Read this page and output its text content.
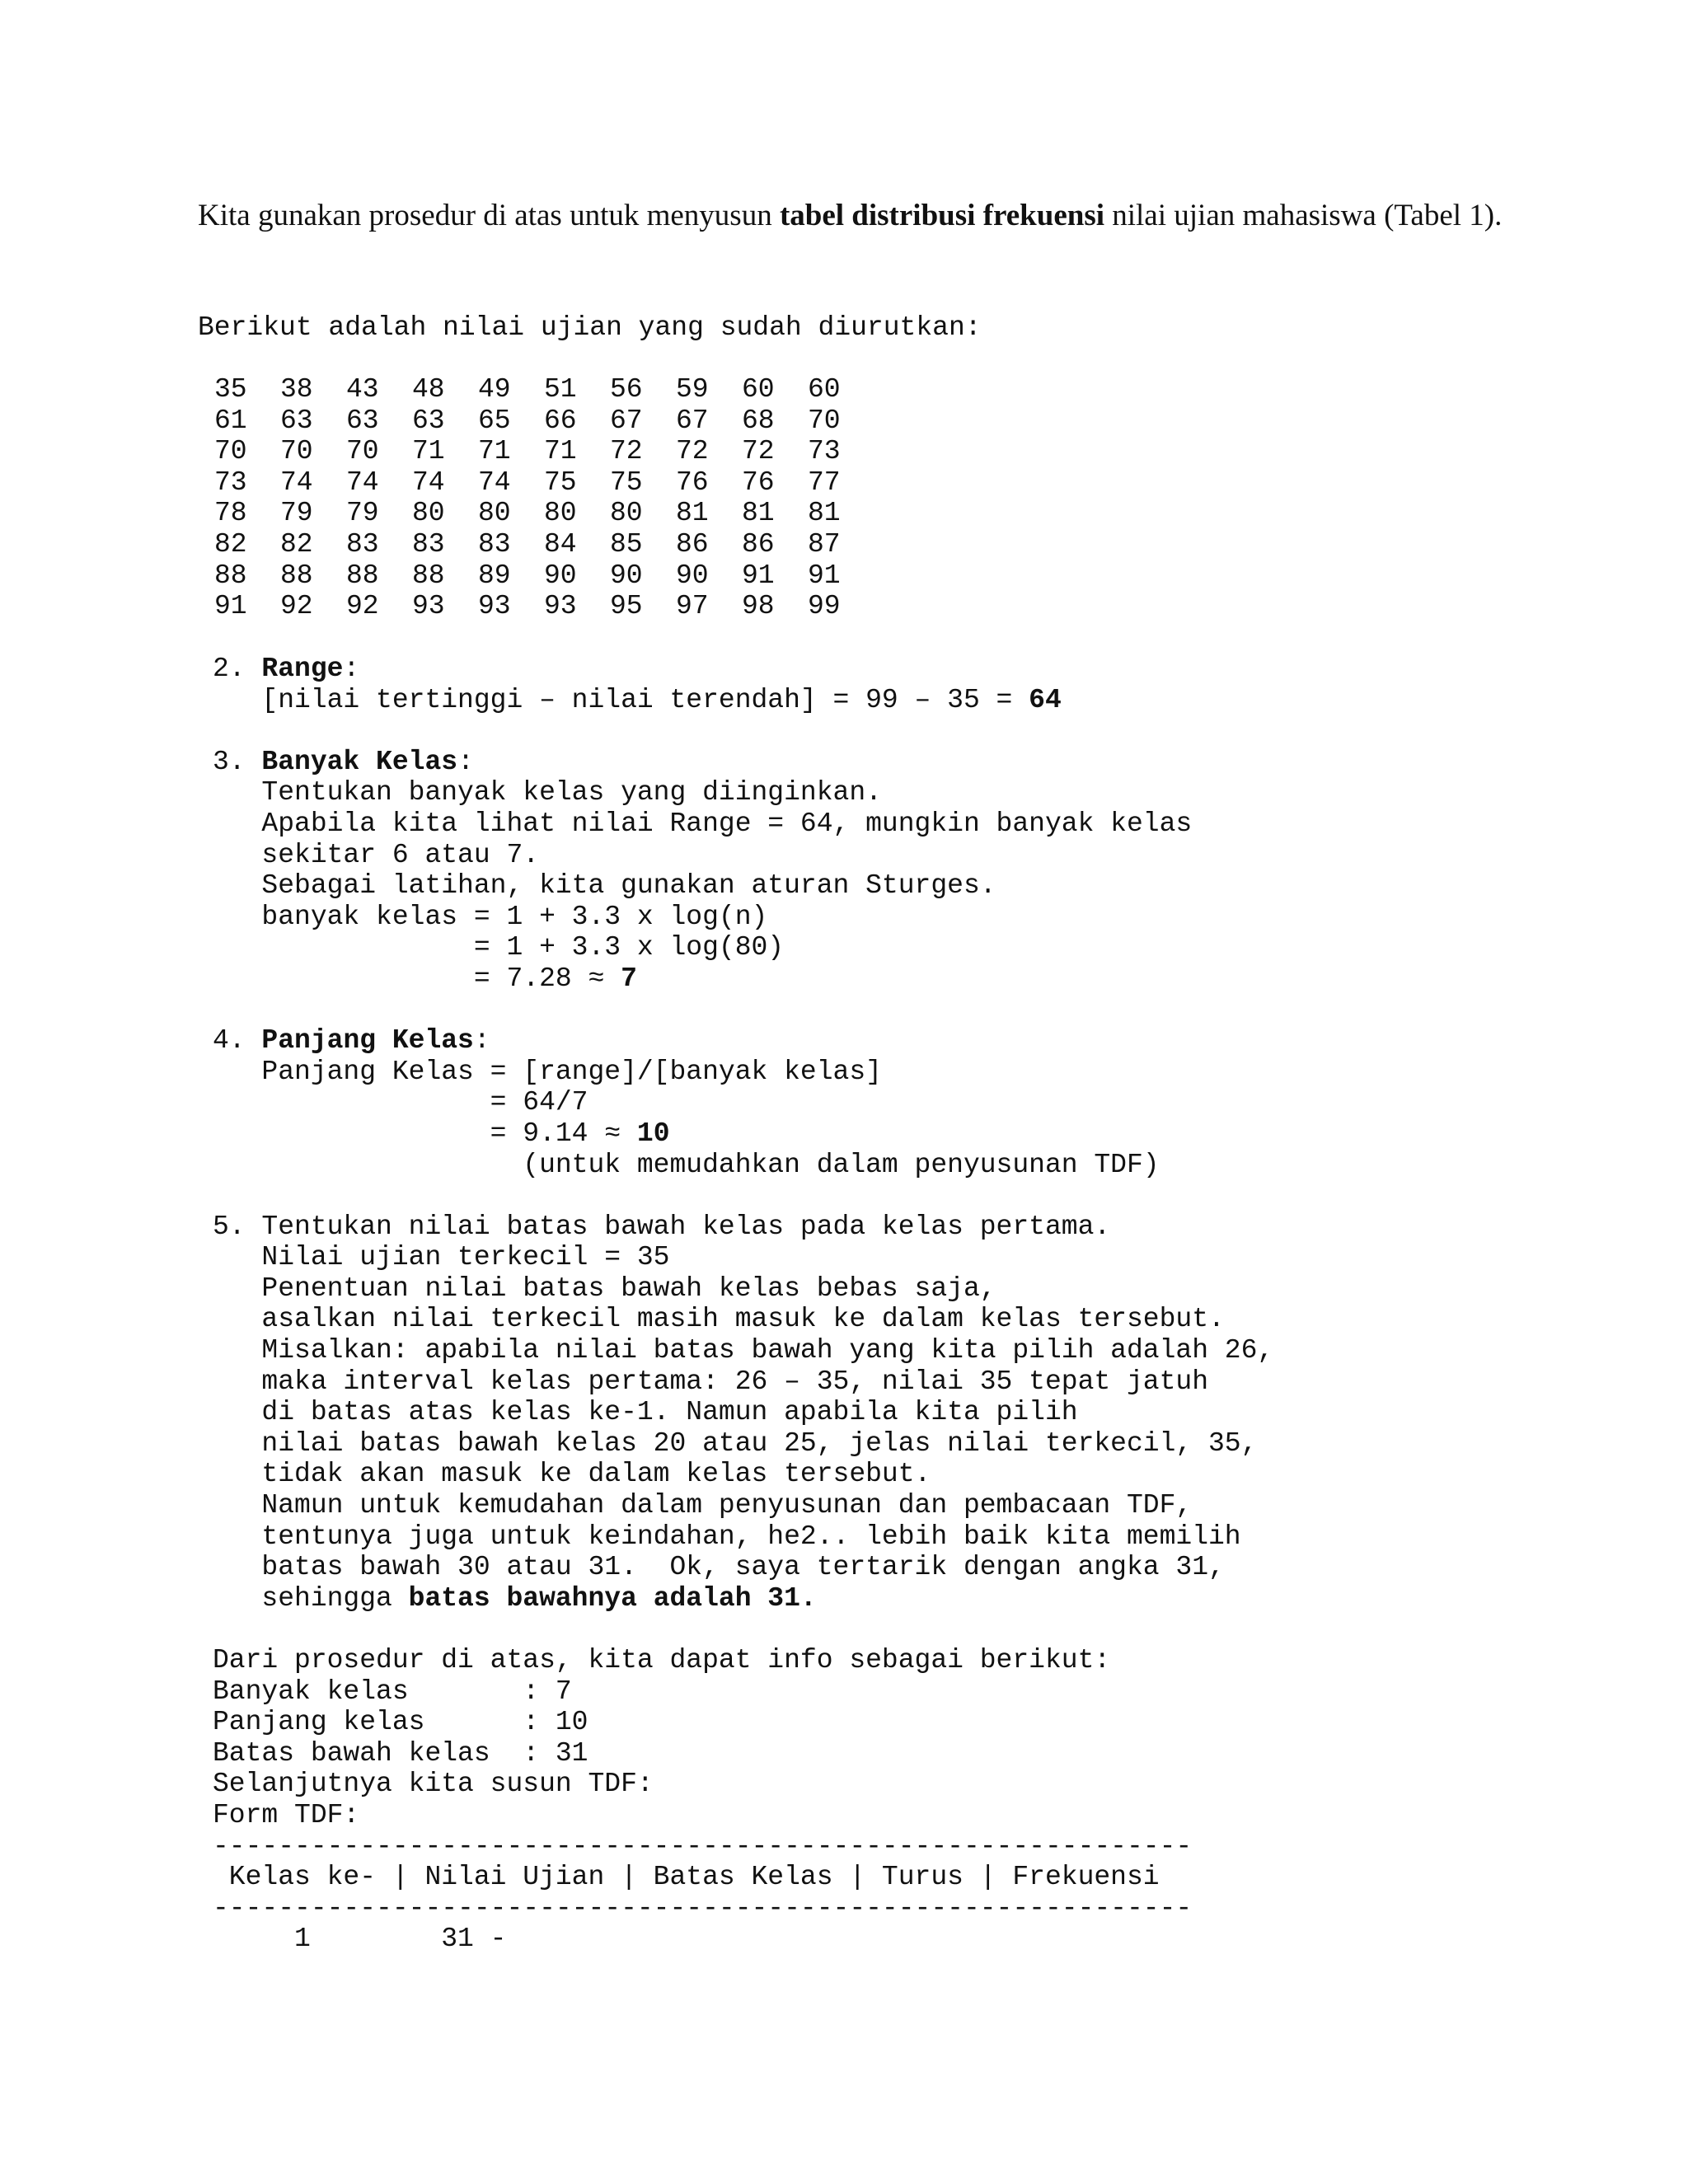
Kita gunakan prosedur di atas untuk menyusun tabel distribusi frekuensi nilai ujian mahasiswa (Tabel 1).

Berikut adalah nilai ujian yang sudah diurutkan:
35 38 43 48 49 51 56 59 60 60
61 63 63 63 65 66 67 67 68 70
70 70 70 71 71 71 72 72 72 73
73 74 74 74 74 75 75 76 76 77
78 79 79 80 80 80 80 81 81 81
82 82 83 83 83 84 85 86 86 87
88 88 88 88 89 90 90 90 91 91
91 92 92 93 93 93 95 97 98 99
2. Range:
[nilai tertinggi – nilai terendah] = 99 – 35 = 64
3. Banyak Kelas:
Tentukan banyak kelas yang diinginkan.
Apabila kita lihat nilai Range = 64, mungkin banyak kelas
sekitar 6 atau 7.
Sebagai latihan, kita gunakan aturan Sturges.
banyak kelas = 1 + 3.3 x log(n)
= 1 + 3.3 x log(80)
= 7.28 ≈ 7
4. Panjang Kelas:
Panjang Kelas = [range]/[banyak kelas]
= 64/7
= 9.14 ≈ 10
(untuk memudahkan dalam penyusunan TDF)
5. Tentukan nilai batas bawah kelas pada kelas pertama.
Nilai ujian terkecil = 35
Penentuan nilai batas bawah kelas bebas saja,
asalkan nilai terkecil masih masuk ke dalam kelas tersebut.
Misalkan: apabila nilai batas bawah yang kita pilih adalah 26,
maka interval kelas pertama: 26 – 35, nilai 35 tepat jatuh
di batas atas kelas ke-1. Namun apabila kita pilih
nilai batas bawah kelas 20 atau 25, jelas nilai terkecil, 35,
tidak akan masuk ke dalam kelas tersebut.
Namun untuk kemudahan dalam penyusunan dan pembacaan TDF,
tentunya juga untuk keindahan, he2.. lebih baik kita memilih
batas bawah 30 atau 31.  Ok, saya tertarik dengan angka 31,
sehingga batas bawahnya adalah 31.
Dari prosedur di atas, kita dapat info sebagai berikut:
Banyak kelas       : 7
Panjang kelas      : 10
Batas bawah kelas  : 31
Selanjutnya kita susun TDF:
Form TDF:
------------------------------------------------------------
Kelas ke- | Nilai Ujian | Batas Kelas | Turus | Frekuensi
------------------------------------------------------------
1        31 -
